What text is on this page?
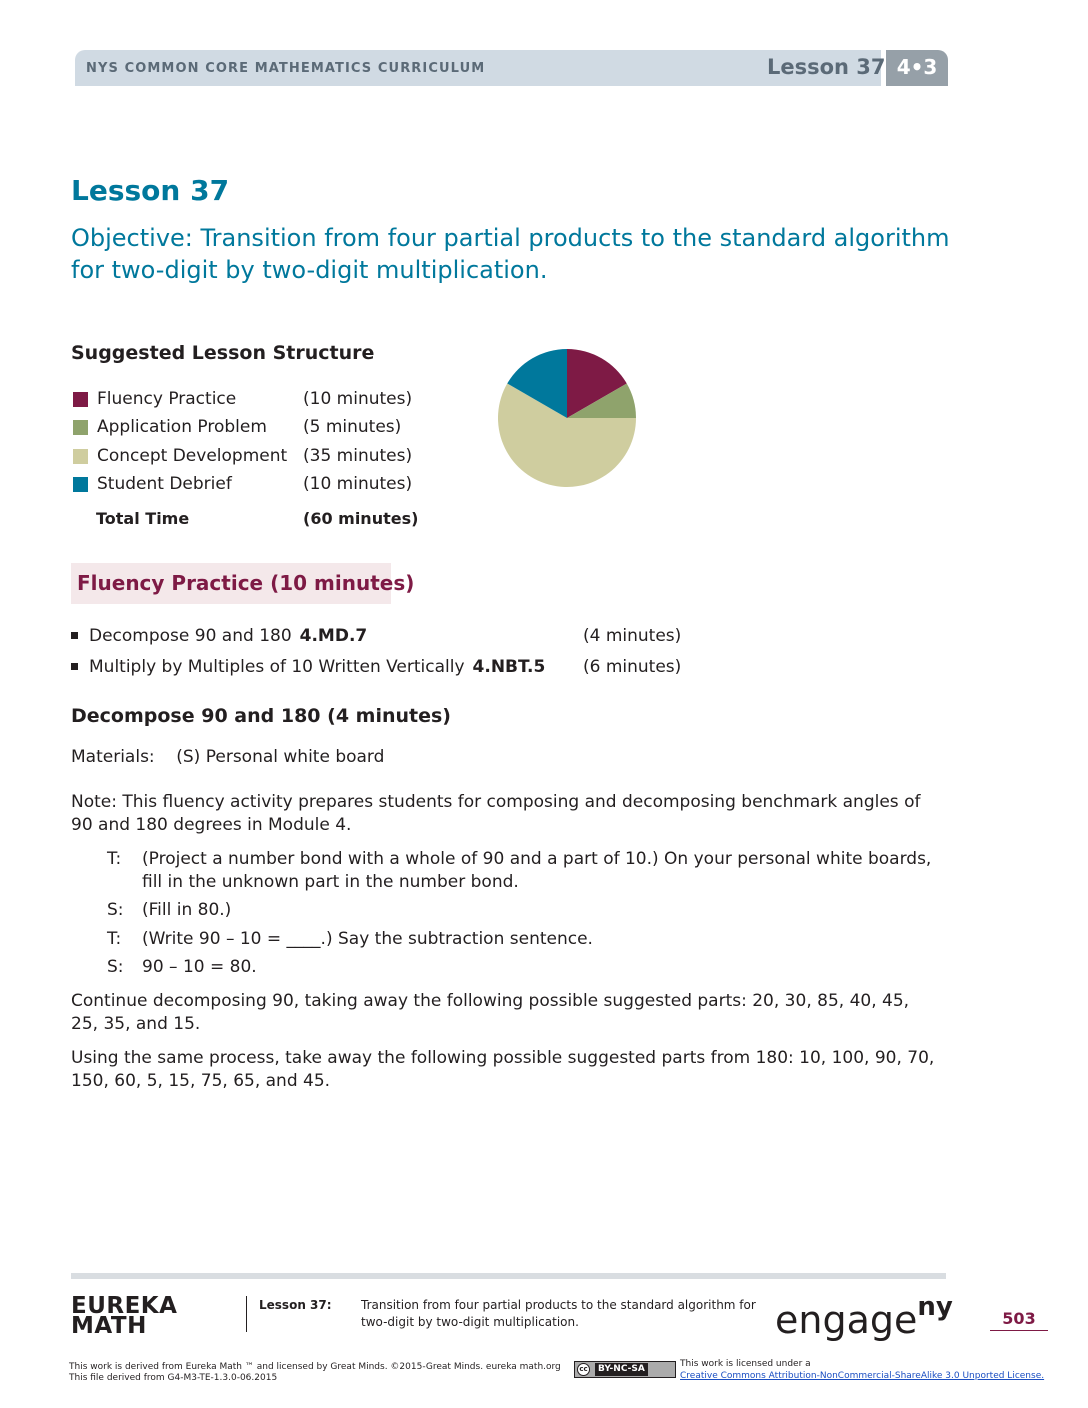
NYS COMMON CORE MATHEMATICS CURRICULUM	Lesson 37 4•3
Lesson 37
Objective: Transition from four partial products to the standard algorithm for two-digit by two-digit multiplication.
Suggested Lesson Structure
Fluency Practice	(10 minutes)
Application Problem (5 minutes)
Concept Development (35 minutes)
Student Debrief	(10 minutes)
Total Time	(60 minutes)
Fluency Practice (10 minutes)
Decompose 90 and 180 4.MD.7	(4 minutes)
Multiply by Multiples of 10 Written Vertically 4.NBT.5 (6 minutes)
Decompose 90 and 180 (4 minutes)
Materials:    (S) Personal white board
Note: This fluency activity prepares students for composing and decomposing benchmark angles of 90 and 180 degrees in Module 4.
T: (Project a number bond with a whole of 90 and a part of 10.) On your personal white boards, fill in the unknown part in the number bond.
S: (Fill in 80.)
T: (Write 90 – 10 = ____.) Say the subtraction sentence.
S: 90 – 10 = 80.
Continue decomposing 90, taking away the following possible suggested parts: 20, 30, 85, 40, 45, 25, 35, and 15.
Using the same process, take away the following possible suggested parts from 180: 10, 100, 90, 70, 150, 60, 5, 15, 75, 65, and 45.
EUREKA
MATH
Lesson 37: Transition from four partial products to the standard algorithm for two-digit by two-digit multiplication.	engage$^{ny}$	503
This work is derived from Eureka Math ™ and licensed by Great Minds. ©2015-Great Minds. eureka math.org
This file derived from G4-M3-TE-1.3.0-06.2015
cc	BY-NC-SA	This work is licensed under a
Creative Commons Attribution-NonCommercial-ShareAlike 3.0 Unported License.
